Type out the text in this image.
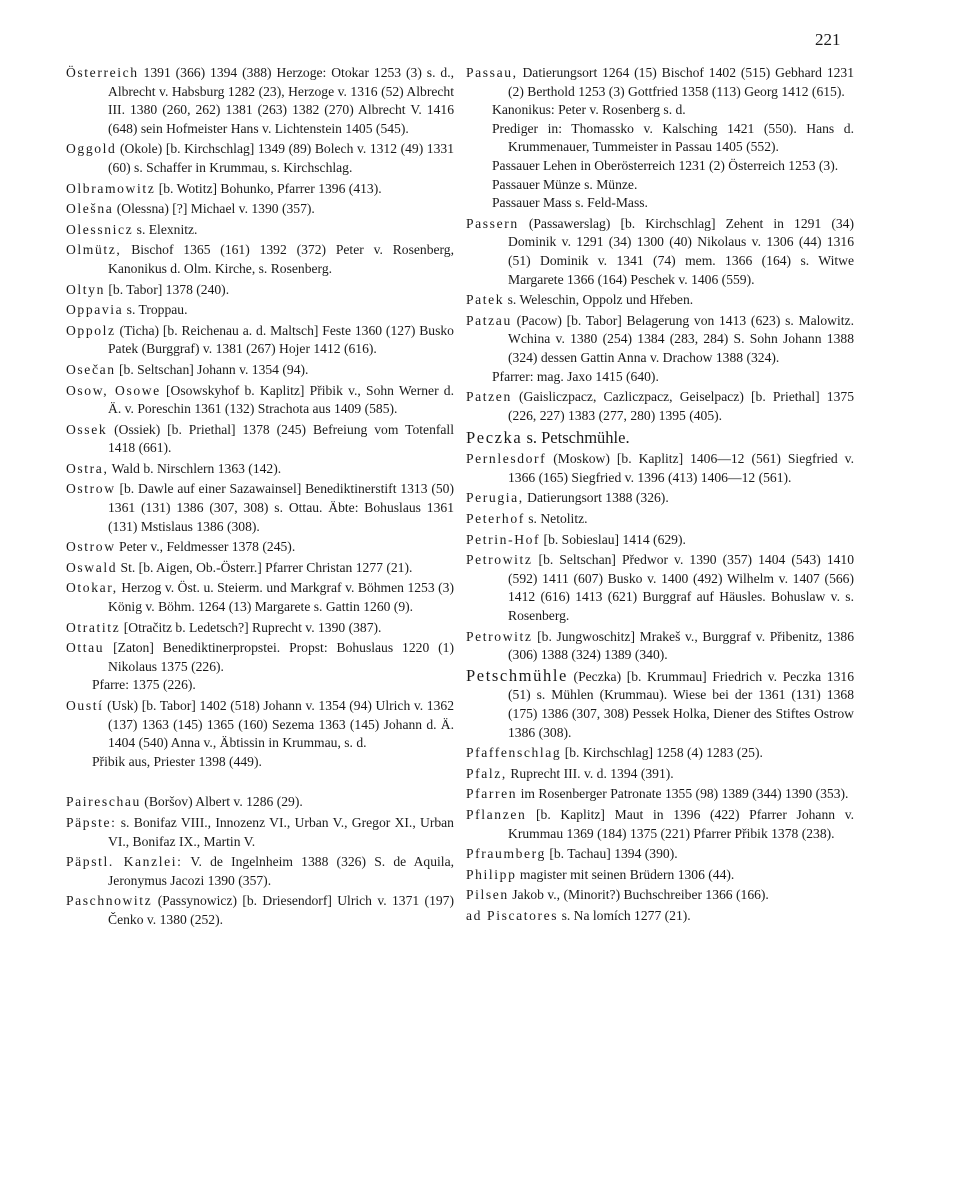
221
Österreich 1391 (366) 1394 (388) Herzoge: Otokar 1253 (3) s. d., Albrecht v. Habsburg 1282 (23), Herzoge v. 1316 (52) Albrecht III. 1380 (260, 262) 1381 (263) 1382 (270) Albrecht V. 1416 (648) sein Hofmeister Hans v. Lichtenstein 1405 (545).
Oggold (Okole) [b. Kirchschlag] 1349 (89) Bolech v. 1312 (49) 1331 (60) s. Schaffer in Krummau, s. Kirchschlag.
Olbramowitz [b. Wotitz] Bohunko, Pfarrer 1396 (413).
Olešna (Olessna) [?] Michael v. 1390 (357).
Olessnicz s. Elexnitz.
Olmütz, Bischof 1365 (161) 1392 (372) Peter v. Rosenberg, Kanonikus d. Olm. Kirche, s. Rosenberg.
Oltyn [b. Tabor] 1378 (240).
Oppavia s. Troppau.
Oppolz (Ticha) [b. Reichenau a. d. Maltsch] Feste 1360 (127) Busko Patek (Burggraf) v. 1381 (267) Hojer 1412 (616).
Osečan [b. Seltschan] Johann v. 1354 (94).
Osow, Osowe [Osowskyhof b. Kaplitz] Přibik v., Sohn Werner d. Ä. v. Poreschin 1361 (132) Strachota aus 1409 (585).
Ossek (Ossiek) [b. Priethal] 1378 (245) Befreiung vom Totenfall 1418 (661).
Ostra, Wald b. Nirschlern 1363 (142).
Ostrow [b. Dawle auf einer Sazawainsel] Benediktinerstift 1313 (50) 1361 (131) 1386 (307, 308) s. Ottau. Äbte: Bohuslaus 1361 (131) Mstislaus 1386 (308).
Ostrow Peter v., Feldmesser 1378 (245).
Oswald St. [b. Aigen, Ob.-Österr.] Pfarrer Christan 1277 (21).
Otokar, Herzog v. Öst. u. Steierm. und Markgraf v. Böhmen 1253 (3) König v. Böhm. 1264 (13) Margarete s. Gattin 1260 (9).
Otratitz [Otračitz b. Ledetsch?] Ruprecht v. 1390 (387).
Ottau [Zaton] Benediktinerpropstei. Propst: Bohuslaus 1220 (1) Nikolaus 1375 (226).
Pfarre: 1375 (226).
Oustí (Usk) [b. Tabor] 1402 (518) Johann v. 1354 (94) Ulrich v. 1362 (137) 1363 (145) 1365 (160) Sezema 1363 (145) Johann d. Ä. 1404 (540) Anna v., Äbtissin in Krummau, s. d.
Přibik aus, Priester 1398 (449).
Paireschau (Boršov) Albert v. 1286 (29).
Päpste: s. Bonifaz VIII., Innozenz VI., Urban V., Gregor XI., Urban VI., Bonifaz IX., Martin V.
Päpstl. Kanzlei: V. de Ingelnheim 1388 (326) S. de Aquila, Jeronymus Jacozi 1390 (357).
Paschnowitz (Passynowicz) [b. Driesendorf] Ulrich v. 1371 (197) Čenko v. 1380 (252).
Passau, Datierungsort 1264 (15) Bischof 1402 (515) Gebhard 1231 (2) Berthold 1253 (3) Gottfried 1358 (113) Georg 1412 (615).
Kanonikus: Peter v. Rosenberg s. d.
Prediger in: Thomassko v. Kalsching 1421 (550). Hans d. Krummenauer, Tummeister in Passau 1405 (552).
Passauer Lehen in Oberösterreich 1231 (2) Österreich 1253 (3).
Passauer Münze s. Münze.
Passauer Mass s. Feld-Mass.
Passern (Passawerslag) [b. Kirchschlag] Zehent in 1291 (34) Dominik v. 1291 (34) 1300 (40) Nikolaus v. 1306 (44) 1316 (51) Dominik v. 1341 (74) mem. 1366 (164) s. Witwe Margarete 1366 (164) Peschek v. 1406 (559).
Patek s. Weleschin, Oppolz und Hřeben.
Patzau (Pacow) [b. Tabor] Belagerung von 1413 (623) s. Malowitz. Wchina v. 1380 (254) 1384 (283, 284) S. Sohn Johann 1388 (324) dessen Gattin Anna v. Drachow 1388 (324).
Pfarrer: mag. Jaxo 1415 (640).
Patzen (Gaisliczpacz, Cazliczpacz, Geiselpacz) [b. Priethal] 1375 (226, 227) 1383 (277, 280) 1395 (405).
Peczka s. Petschmühle.
Pernlesdorf (Moskow) [b. Kaplitz] 1406—12 (561) Siegfried v. 1366 (165) Siegfried v. 1396 (413) 1406—12 (561).
Perugia, Datierungsort 1388 (326).
Peterhof s. Netolitz.
Petrin-Hof [b. Sobieslau] 1414 (629).
Petrowitz [b. Seltschan] Předwor v. 1390 (357) 1404 (543) 1410 (592) 1411 (607) Busko v. 1400 (492) Wilhelm v. 1407 (566) 1412 (616) 1413 (621) Burggraf auf Häusles. Bohuslaw v. s. Rosenberg.
Petrowitz [b. Jungwoschitz] Mrakeš v., Burggraf v. Přibenitz, 1386 (306) 1388 (324) 1389 (340).
Petschmühle (Peczka) [b. Krummau] Friedrich v. Peczka 1316 (51) s. Mühlen (Krummau). Wiese bei der 1361 (131) 1368 (175) 1386 (307, 308) Pessek Holka, Diener des Stiftes Ostrow 1386 (308).
Pfaffenschlag [b. Kirchschlag] 1258 (4) 1283 (25).
Pfalz, Ruprecht III. v. d. 1394 (391).
Pfarren im Rosenberger Patronate 1355 (98) 1389 (344) 1390 (353).
Pflanzen [b. Kaplitz] Maut in 1396 (422) Pfarrer Johann v. Krummau 1369 (184) 1375 (221) Pfarrer Přibik 1378 (238).
Pfraumberg [b. Tachau] 1394 (390).
Philipp magister mit seinen Brüdern 1306 (44).
Pilsen Jakob v., (Minorit?) Buchschreiber 1366 (166).
ad Piscatores s. Na lomích 1277 (21).
